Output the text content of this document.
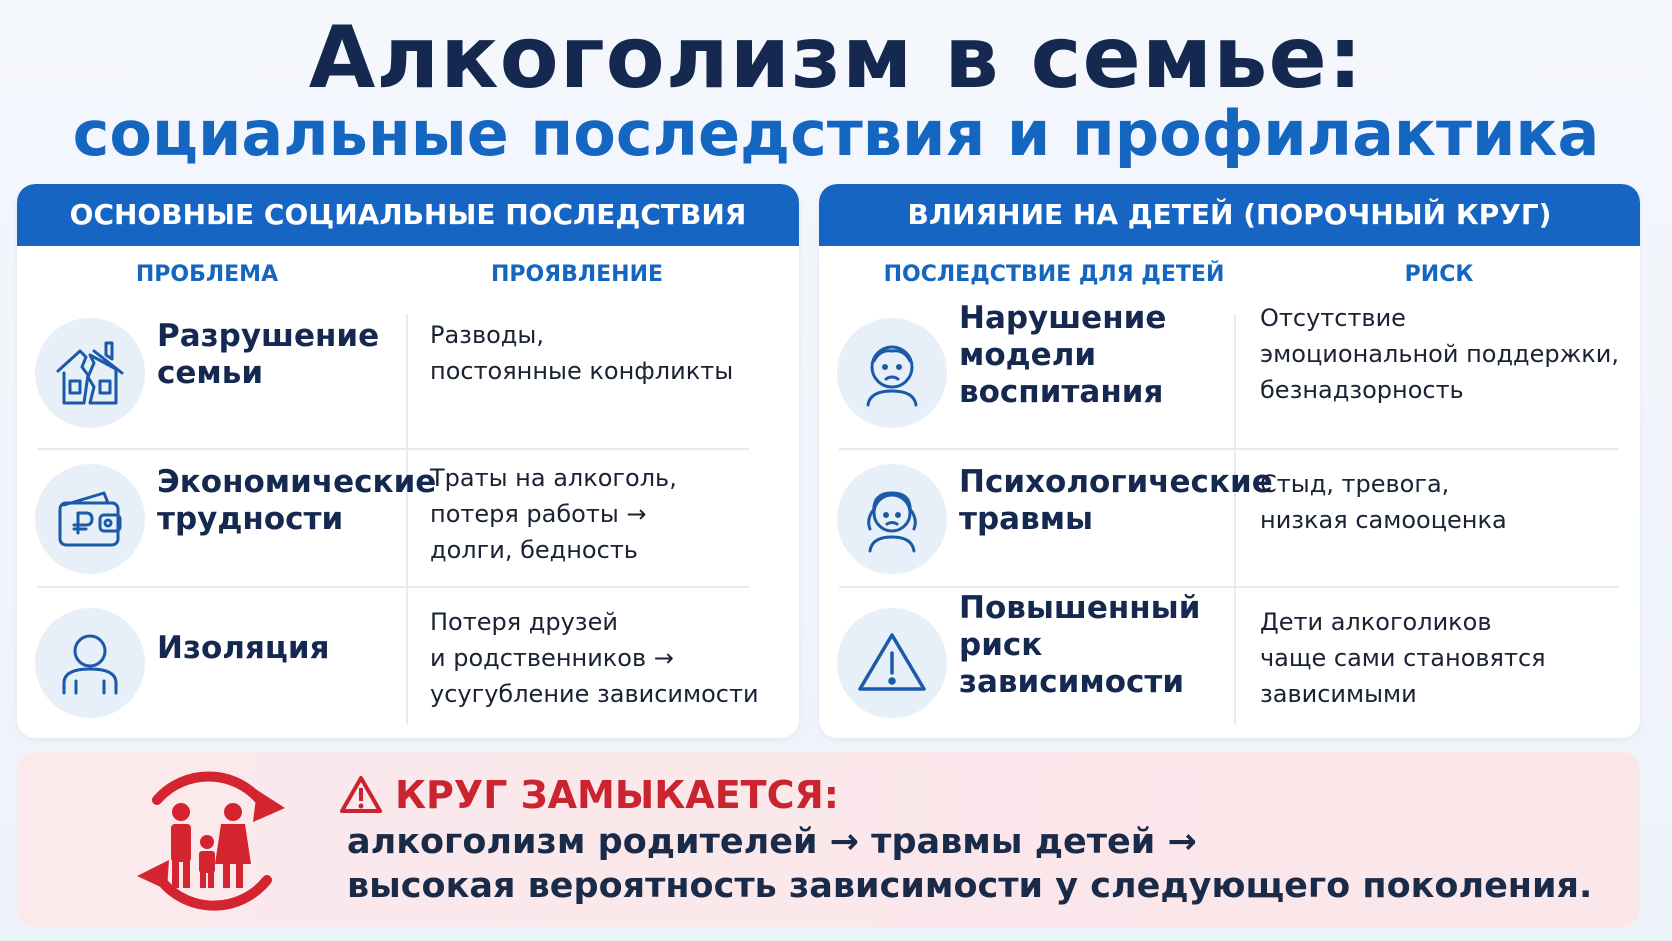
Алкоголизм в семье:
социальные последствия и профилактика
ОСНОВНЫЕ СОЦИАЛЬНЫЕ ПОСЛЕДСТВИЯ
ПРОБЛЕМА	ПРОЯВЛЕНИЕ
Разрушение
семьи
Разводы,
постоянные конфликты
Экономические
трудности
Траты на алкоголь,
потеря работы →
долги, бедность
Изоляция
Потеря друзей
и родственников →
усугубление зависимости
ВЛИЯНИЕ НА ДЕТЕЙ (ПОРОЧНЫЙ КРУГ)
ПОСЛЕДСТВИЕ ДЛЯ ДЕТЕЙ	РИСК
Нарушение
модели
воспитания
Отсутствие
эмоциональной поддержки,
безнадзорность
Психологические
травмы
Стыд, тревога,
низкая самооценка
Повышенный
риск
зависимости
Дети алкоголиков
чаще сами становятся
зависимыми
КРУГ ЗАМЫКАЕТСЯ:
алкоголизм родителей → травмы детей →
высокая вероятность зависимости у следующего поколения.
